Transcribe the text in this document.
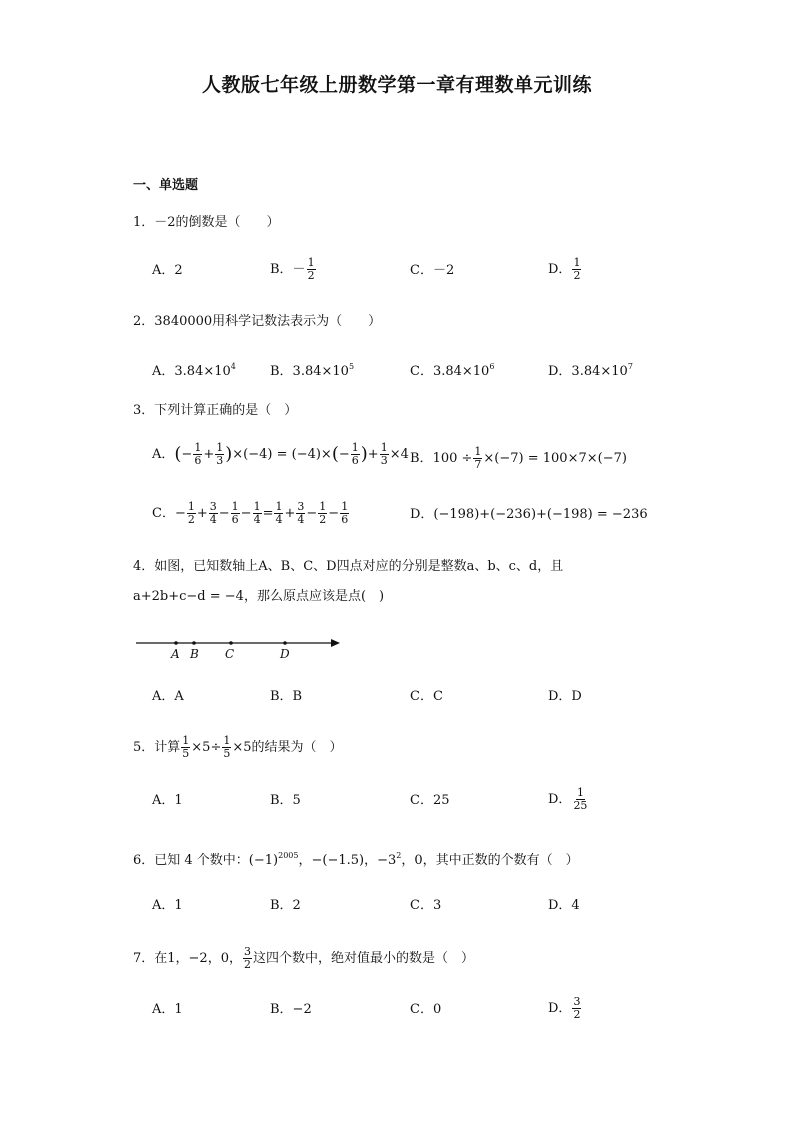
人教版七年级上册数学第一章有理数单元训练
一、单选题
1．－2的倒数是（　　）
A．2	B．－ $\frac{1}{2}$	C．－2	D． $\frac{1}{2}$
2．3840000用科学记数法表示为（　　）
A．$3.84\times 10^4$	B．$3.84\times 10^5$	C．$3.84\times 10^6$	D．$3.84\times 10^7$
3．下列计算正确的是（　）
A．(− $\frac{1}{6} + \frac{1}{3} )\times(-4) = (-4)\times(- \frac{1}{6}$ )+ $\frac{1}{3} \times 4$ B．$100 \div \frac{1}{7} \times(-7) = 100\times 7\times(-7)$
C．− $\frac{1}{2} + \frac{3}{4} - \frac{1}{6} - \frac{1}{4} = \frac{1}{4} + \frac{3}{4} - \frac{1}{2} - \frac{1}{6}$	D．(−198)+(−236)+(−198) = −236
4．如图，已知数轴上A、B、C、D四点对应的分别是整数a、b、c、d，且
a+2b+c−d = −4，那么原点应该是点(　)
A B C	D
A．A	B．B	C．C	D．D
5．计算 $\frac{1}{5} \times 5\div \frac{1}{5} \times 5$的结果为（　）
A．1	B．5	C．25	D． $\frac{1}{25}$
6．已知 4 个数中：$(-1)^{2005}$，−(−1.5)，$-3^2$，0，其中正数的个数有（　）
A．1	B．2	C．3	D．4
7．在1，−2，0， $\frac{3}{2}$ 这四个数中，绝对值最小的数是（　）
A．1	B．−2	C．0	D． $\frac{3}{2}$
